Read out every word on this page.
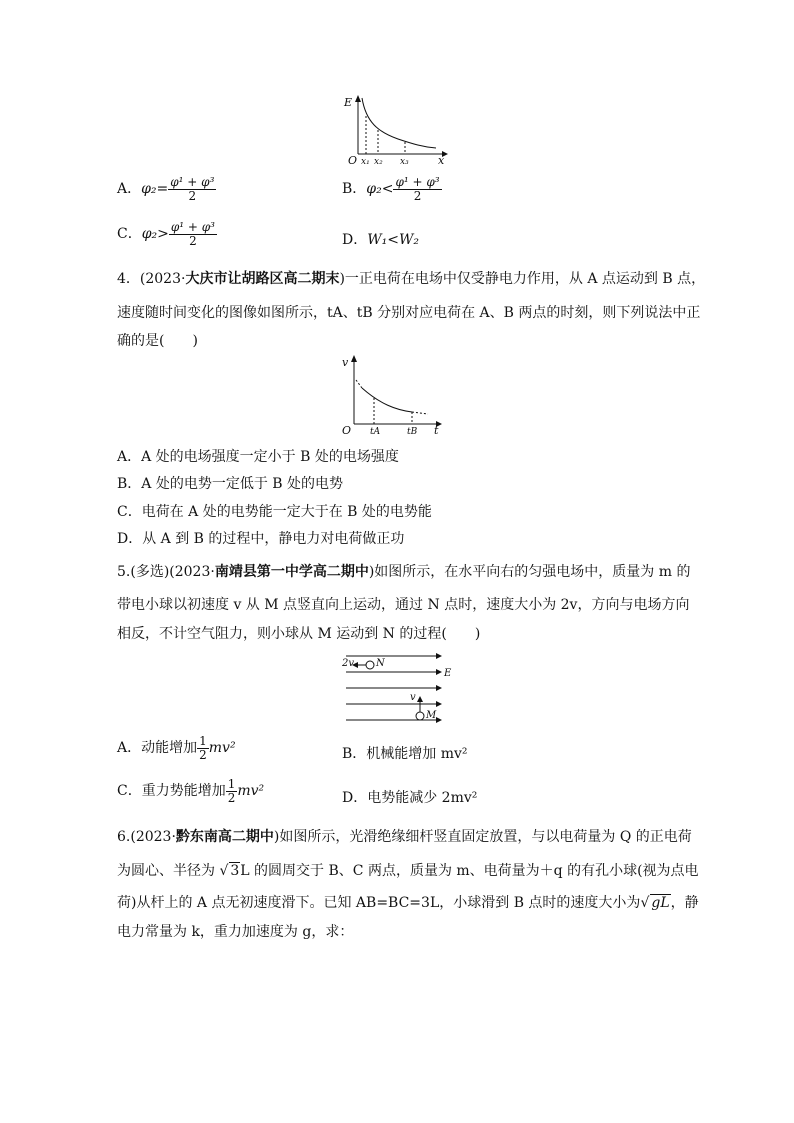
E
O	x
x₁ x₂ x₃
A．$\varphi_2= \frac{\text{φ¹ + φ³}}{2}$	B．$\varphi_2< \frac{\text{φ¹ + φ³}}{2}$
C．$\varphi_2> \frac{\text{φ¹ + φ³}}{2}$	D．W₁<W₂
4．(2023·大庆市让胡路区高二期末)一正电荷在电场中仅受静电力作用，从 A 点运动到 B 点，
速度随时间变化的图像如图所示，tA、tB 分别对应电荷在 A、B 两点的时刻，则下列说法中正
确的是(　　)
v
O	t
tA	tB
A．A 处的电场强度一定小于 B 处的电场强度
B．A 处的电势一定低于 B 处的电势
C．电荷在 A 处的电势能一定大于在 B 处的电势能
D．从 A 到 B 的过程中，静电力对电荷做正功
5.(多选)(2023·南靖县第一中学高二期中)如图所示，在水平向右的匀强电场中，质量为 m 的
带电小球以初速度 v 从 M 点竖直向上运动，通过 N 点时，速度大小为 2v，方向与电场方向
相反，不计空气阻力，则小球从 M 运动到 N 的过程(　　)
2v N
E
v
M
A．动能增加 $\frac{1}{2} mv^2$	B．机械能增加 mv²
C．重力势能增加 $\frac{1}{2} mv^2$	D．电势能减少 2mv²
6.(2023·黔东南高二期中)如图所示，光滑绝缘细杆竖直固定放置，与以电荷量为 Q 的正电荷
为圆心、半径为 √ 3L 的圆周交于 B、C 两点，质量为 m、电荷量为＋q 的有孔小球(视为点电
荷)从杆上的 A 点无初速度滑下。已知 AB=BC=3L，小球滑到 B 点时的速度大小为√ gL，静
电力常量为 k，重力加速度为 g，求：
